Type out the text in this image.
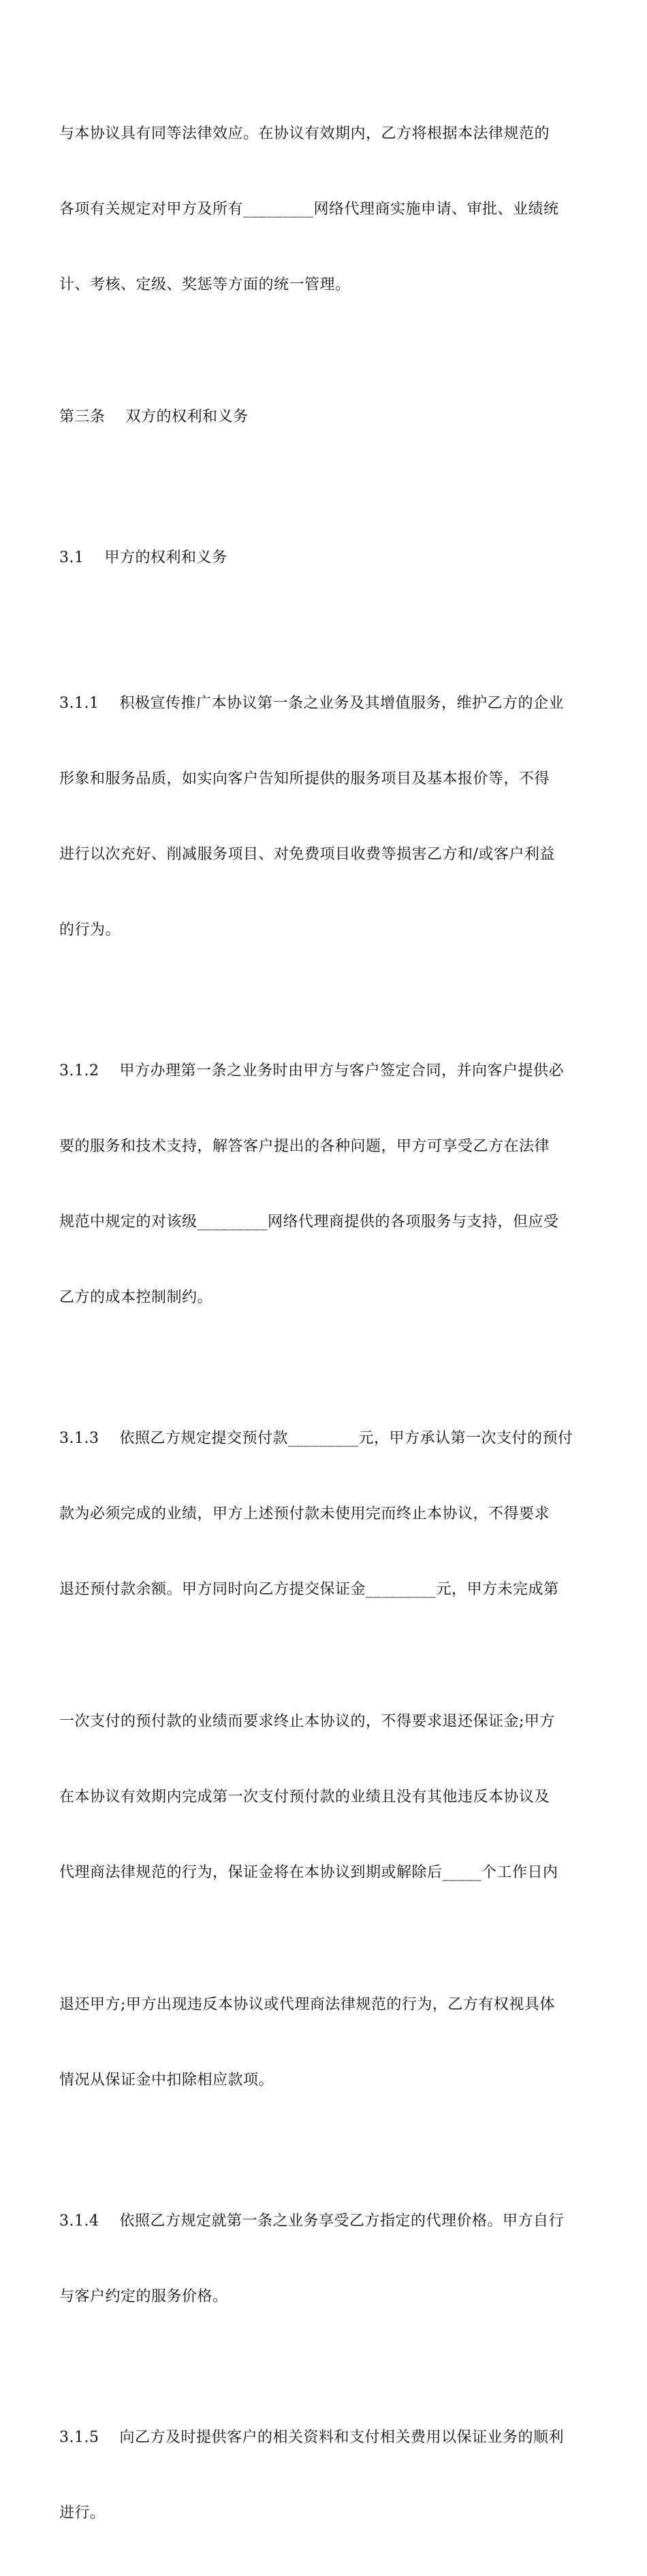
与本协议具有同等法律效应。在协议有效期内，乙方将根据本法律规范的

各项有关规定对甲方及所有_________网络代理商实施申请、审批、业绩统

计、考核、定级、奖惩等方面的统一管理。

第三条    双方的权利和义务

3.1    甲方的权利和义务

3.1.1    积极宣传推广本协议第一条之业务及其增值服务，维护乙方的企业

形象和服务品质，如实向客户告知所提供的服务项目及基本报价等，不得

进行以次充好、削减服务项目、对免费项目收费等损害乙方和/或客户利益

的行为。

3.1.2    甲方办理第一条之业务时由甲方与客户签定合同，并向客户提供必

要的服务和技术支持，解答客户提出的各种问题，甲方可享受乙方在法律

规范中规定的对该级_________网络代理商提供的各项服务与支持，但应受

乙方的成本控制制约。

3.1.3    依照乙方规定提交预付款_________元，甲方承认第一次支付的预付

款为必须完成的业绩，甲方上述预付款未使用完而终止本协议，不得要求

退还预付款余额。甲方同时向乙方提交保证金_________元，甲方未完成第

一次支付的预付款的业绩而要求终止本协议的，不得要求退还保证金;甲方

在本协议有效期内完成第一次支付预付款的业绩且没有其他违反本协议及

代理商法律规范的行为，保证金将在本协议到期或解除后_____个工作日内

退还甲方;甲方出现违反本协议或代理商法律规范的行为，乙方有权视具体

情况从保证金中扣除相应款项。

3.1.4    依照乙方规定就第一条之业务享受乙方指定的代理价格。甲方自行

与客户约定的服务价格。

3.1.5    向乙方及时提供客户的相关资料和支付相关费用以保证业务的顺利

进行。
